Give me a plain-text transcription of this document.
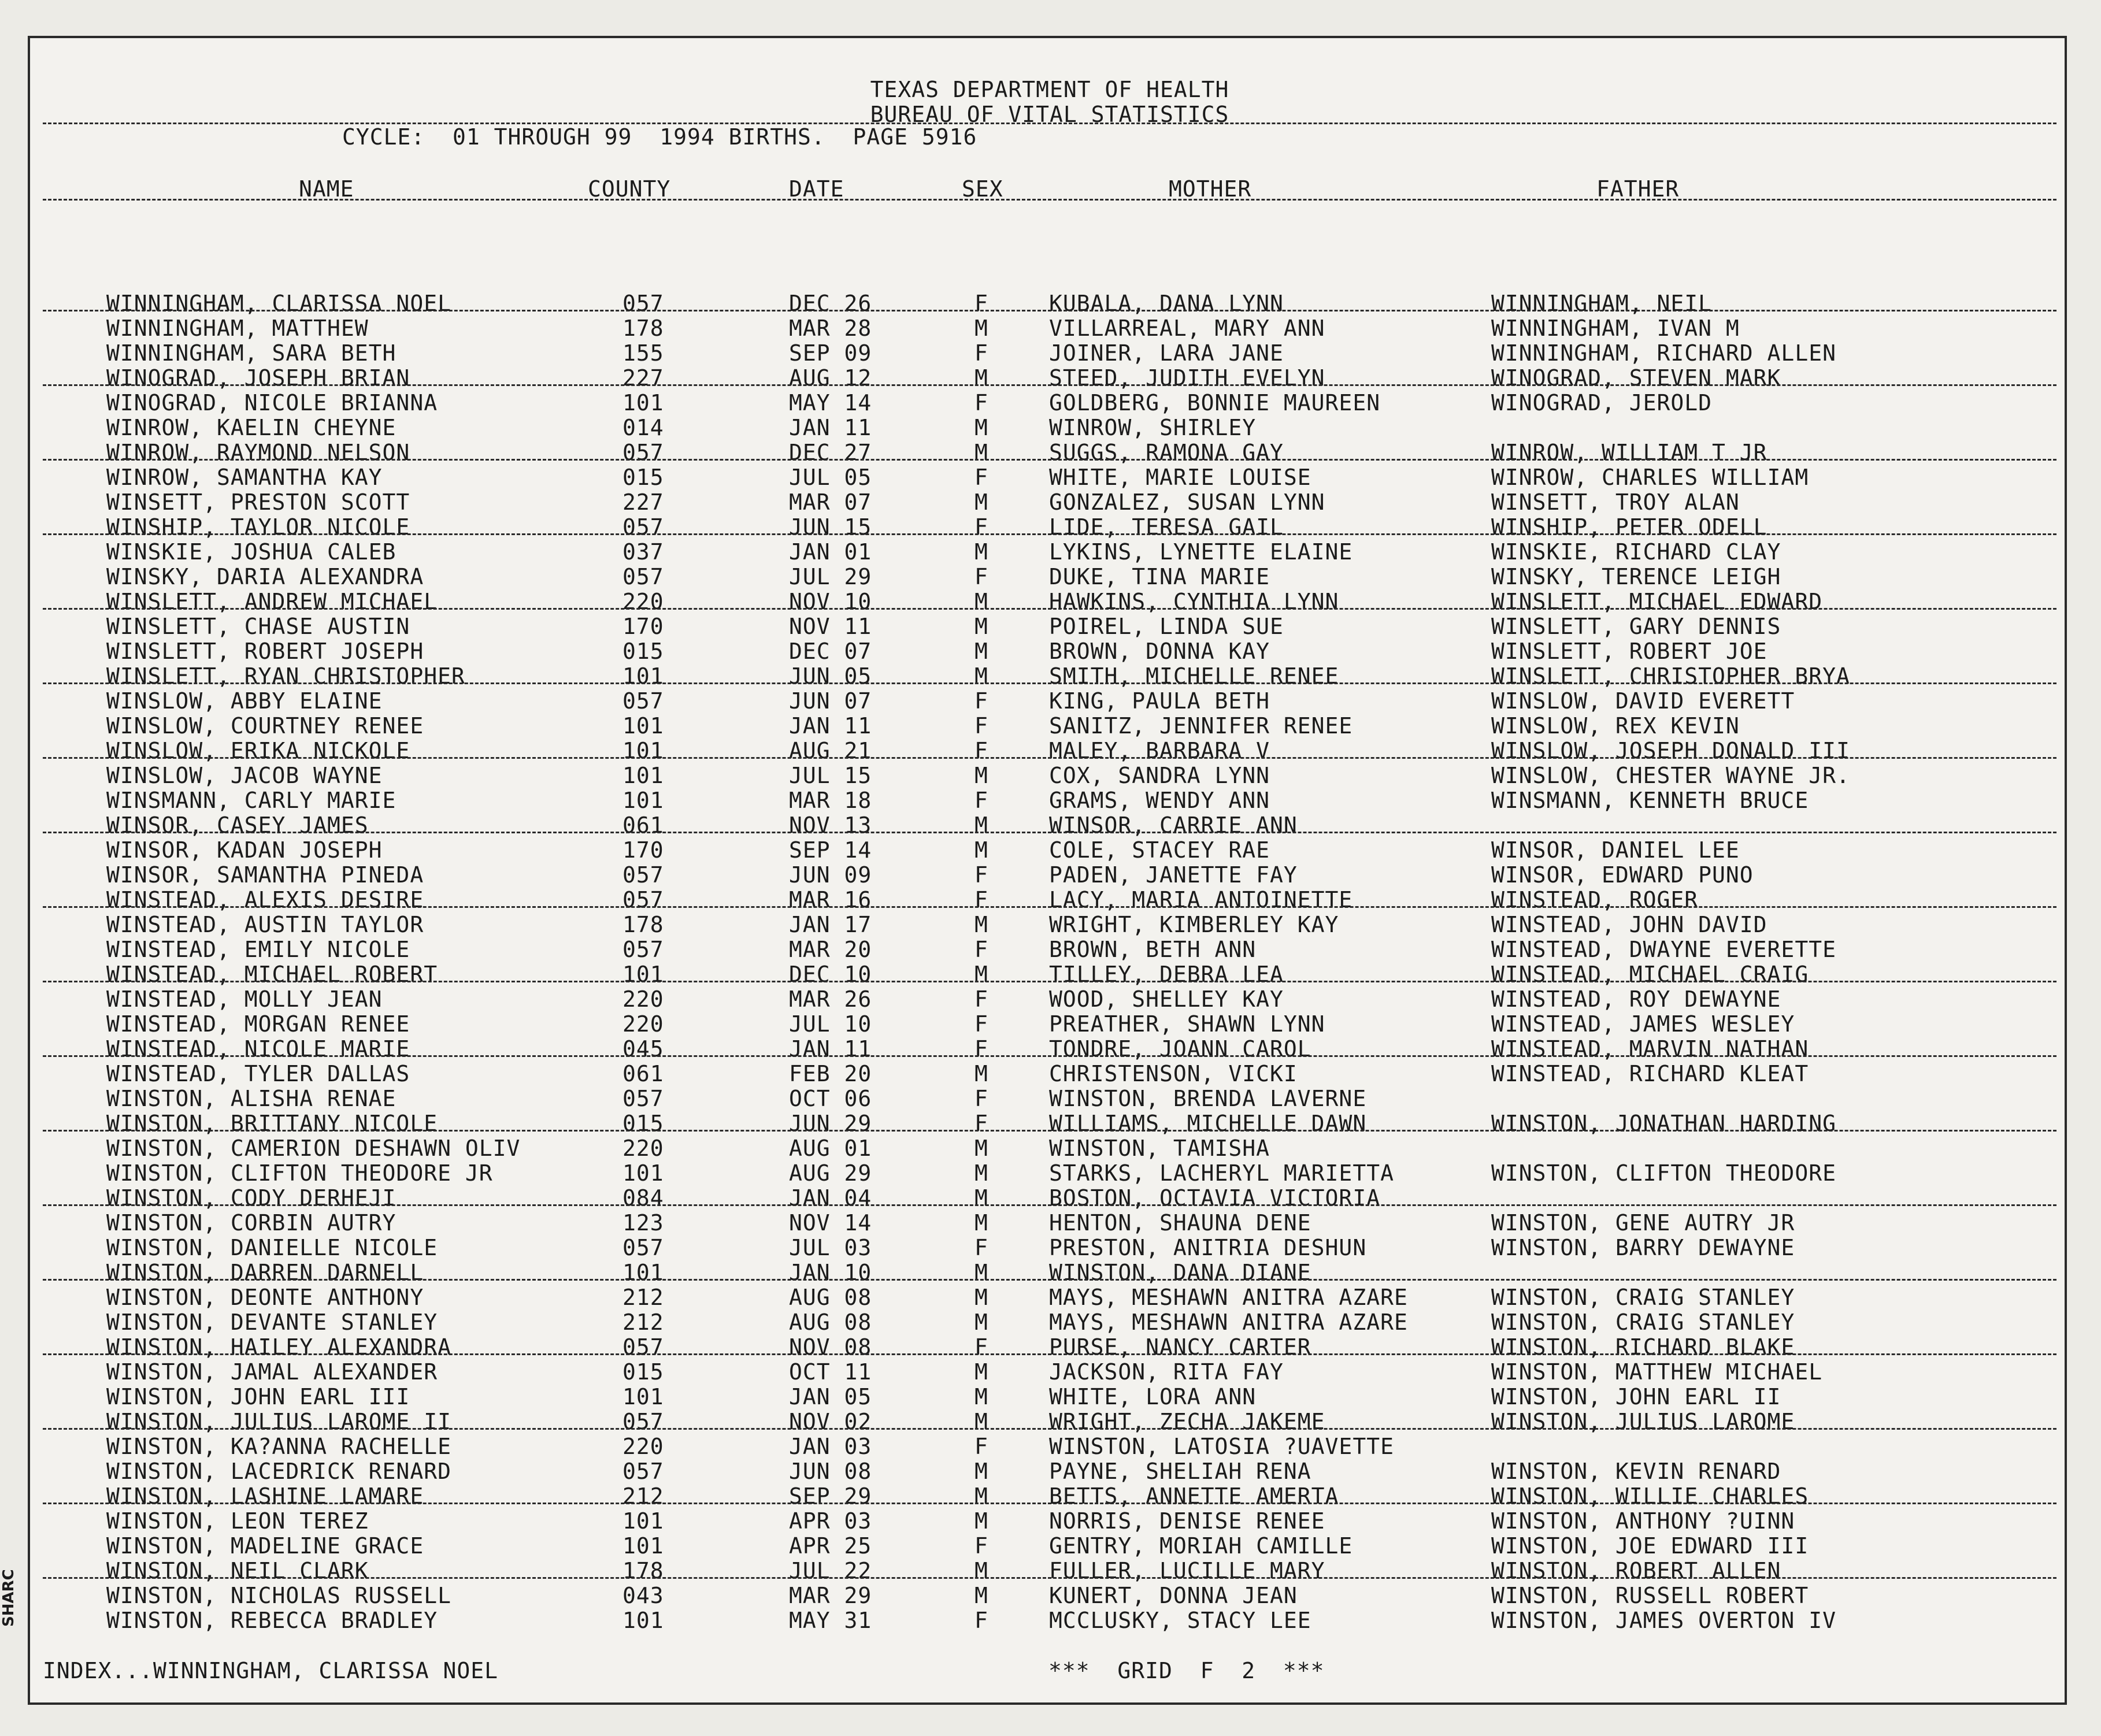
TEXAS DEPARTMENT OF HEALTH
BUREAU OF VITAL STATISTICS
CYCLE:  01 THROUGH 99  1994 BIRTHS.  PAGE 5916
NAME	COUNTY	DATE	SEX	MOTHER	FATHER
WINNINGHAM, CLARISSA NOEL	057	DEC 26	F	KUBALA, DANA LYNN	WINNINGHAM, NEIL
WINNINGHAM, MATTHEW	178	MAR 28	M	VILLARREAL, MARY ANN	WINNINGHAM, IVAN M
WINNINGHAM, SARA BETH	155	SEP 09	F	JOINER, LARA JANE	WINNINGHAM, RICHARD ALLEN
WINOGRAD, JOSEPH BRIAN	227	AUG 12	M	STEED, JUDITH EVELYN	WINOGRAD, STEVEN MARK
WINOGRAD, NICOLE BRIANNA	101	MAY 14	F	GOLDBERG, BONNIE MAUREEN	WINOGRAD, JEROLD
WINROW, KAELIN CHEYNE	014	JAN 11	M	WINROW, SHIRLEY
WINROW, RAYMOND NELSON	057	DEC 27	M	SUGGS, RAMONA GAY	WINROW, WILLIAM T JR
WINROW, SAMANTHA KAY	015	JUL 05	F	WHITE, MARIE LOUISE	WINROW, CHARLES WILLIAM
WINSETT, PRESTON SCOTT	227	MAR 07	M	GONZALEZ, SUSAN LYNN	WINSETT, TROY ALAN
WINSHIP, TAYLOR NICOLE	057	JUN 15	F	LIDE, TERESA GAIL	WINSHIP, PETER ODELL
WINSKIE, JOSHUA CALEB	037	JAN 01	M	LYKINS, LYNETTE ELAINE	WINSKIE, RICHARD CLAY
WINSKY, DARIA ALEXANDRA	057	JUL 29	F	DUKE, TINA MARIE	WINSKY, TERENCE LEIGH
WINSLETT, ANDREW MICHAEL	220	NOV 10	M	HAWKINS, CYNTHIA LYNN	WINSLETT, MICHAEL EDWARD
WINSLETT, CHASE AUSTIN	170	NOV 11	M	POIREL, LINDA SUE	WINSLETT, GARY DENNIS
WINSLETT, ROBERT JOSEPH	015	DEC 07	M	BROWN, DONNA KAY	WINSLETT, ROBERT JOE
WINSLETT, RYAN CHRISTOPHER	101	JUN 05	M	SMITH, MICHELLE RENEE	WINSLETT, CHRISTOPHER BRYA
WINSLOW, ABBY ELAINE	057	JUN 07	F	KING, PAULA BETH	WINSLOW, DAVID EVERETT
WINSLOW, COURTNEY RENEE	101	JAN 11	F	SANITZ, JENNIFER RENEE	WINSLOW, REX KEVIN
WINSLOW, ERIKA NICKOLE	101	AUG 21	F	MALEY, BARBARA V	WINSLOW, JOSEPH DONALD III
WINSLOW, JACOB WAYNE	101	JUL 15	M	COX, SANDRA LYNN	WINSLOW, CHESTER WAYNE JR.
WINSMANN, CARLY MARIE	101	MAR 18	F	GRAMS, WENDY ANN	WINSMANN, KENNETH BRUCE
WINSOR, CASEY JAMES	061	NOV 13	M	WINSOR, CARRIE ANN
WINSOR, KADAN JOSEPH	170	SEP 14	M	COLE, STACEY RAE	WINSOR, DANIEL LEE
WINSOR, SAMANTHA PINEDA	057	JUN 09	F	PADEN, JANETTE FAY	WINSOR, EDWARD PUNO
WINSTEAD, ALEXIS DESIRE	057	MAR 16	F	LACY, MARIA ANTOINETTE	WINSTEAD, ROGER
WINSTEAD, AUSTIN TAYLOR	178	JAN 17	M	WRIGHT, KIMBERLEY KAY	WINSTEAD, JOHN DAVID
WINSTEAD, EMILY NICOLE	057	MAR 20	F	BROWN, BETH ANN	WINSTEAD, DWAYNE EVERETTE
WINSTEAD, MICHAEL ROBERT	101	DEC 10	M	TILLEY, DEBRA LEA	WINSTEAD, MICHAEL CRAIG
WINSTEAD, MOLLY JEAN	220	MAR 26	F	WOOD, SHELLEY KAY	WINSTEAD, ROY DEWAYNE
WINSTEAD, MORGAN RENEE	220	JUL 10	F	PREATHER, SHAWN LYNN	WINSTEAD, JAMES WESLEY
WINSTEAD, NICOLE MARIE	045	JAN 11	F	TONDRE, JOANN CAROL	WINSTEAD, MARVIN NATHAN
WINSTEAD, TYLER DALLAS	061	FEB 20	M	CHRISTENSON, VICKI	WINSTEAD, RICHARD KLEAT
WINSTON, ALISHA RENAE	057	OCT 06	F	WINSTON, BRENDA LAVERNE
WINSTON, BRITTANY NICOLE	015	JUN 29	F	WILLIAMS, MICHELLE DAWN	WINSTON, JONATHAN HARDING
WINSTON, CAMERION DESHAWN OLIV	220	AUG 01	M	WINSTON, TAMISHA
WINSTON, CLIFTON THEODORE JR	101	AUG 29	M	STARKS, LACHERYL MARIETTA	WINSTON, CLIFTON THEODORE
WINSTON, CODY DERHEJI	084	JAN 04	M	BOSTON, OCTAVIA VICTORIA
WINSTON, CORBIN AUTRY	123	NOV 14	M	HENTON, SHAUNA DENE	WINSTON, GENE AUTRY JR
WINSTON, DANIELLE NICOLE	057	JUL 03	F	PRESTON, ANITRIA DESHUN	WINSTON, BARRY DEWAYNE
WINSTON, DARREN DARNELL	101	JAN 10	M	WINSTON, DANA DIANE
WINSTON, DEONTE ANTHONY	212	AUG 08	M	MAYS, MESHAWN ANITRA AZARE	WINSTON, CRAIG STANLEY
WINSTON, DEVANTE STANLEY	212	AUG 08	M	MAYS, MESHAWN ANITRA AZARE	WINSTON, CRAIG STANLEY
WINSTON, HAILEY ALEXANDRA	057	NOV 08	F	PURSE, NANCY CARTER	WINSTON, RICHARD BLAKE
WINSTON, JAMAL ALEXANDER	015	OCT 11	M	JACKSON, RITA FAY	WINSTON, MATTHEW MICHAEL
WINSTON, JOHN EARL III	101	JAN 05	M	WHITE, LORA ANN	WINSTON, JOHN EARL II
WINSTON, JULIUS LAROME II	057	NOV 02	M	WRIGHT, ZECHA JAKEME	WINSTON, JULIUS LAROME
WINSTON, KA?ANNA RACHELLE	220	JAN 03	F	WINSTON, LATOSIA ?UAVETTE
WINSTON, LACEDRICK RENARD	057	JUN 08	M	PAYNE, SHELIAH RENA	WINSTON, KEVIN RENARD
WINSTON, LASHINE LAMARE	212	SEP 29	M	BETTS, ANNETTE AMERTA	WINSTON, WILLIE CHARLES
WINSTON, LEON TEREZ	101	APR 03	M	NORRIS, DENISE RENEE	WINSTON, ANTHONY ?UINN
WINSTON, MADELINE GRACE	101	APR 25	F	GENTRY, MORIAH CAMILLE	WINSTON, JOE EDWARD III
WINSTON, NEIL CLARK	178	JUL 22	M	FULLER, LUCILLE MARY	WINSTON, ROBERT ALLEN
WINSTON, NICHOLAS RUSSELL	043	MAR 29	M	KUNERT, DONNA JEAN	WINSTON, RUSSELL ROBERT
WINSTON, REBECCA BRADLEY	101	MAY 31	F	MCCLUSKY, STACY LEE	WINSTON, JAMES OVERTON IV
INDEX...WINNINGHAM, CLARISSA NOEL	***  GRID  F  2  ***
SHARC
